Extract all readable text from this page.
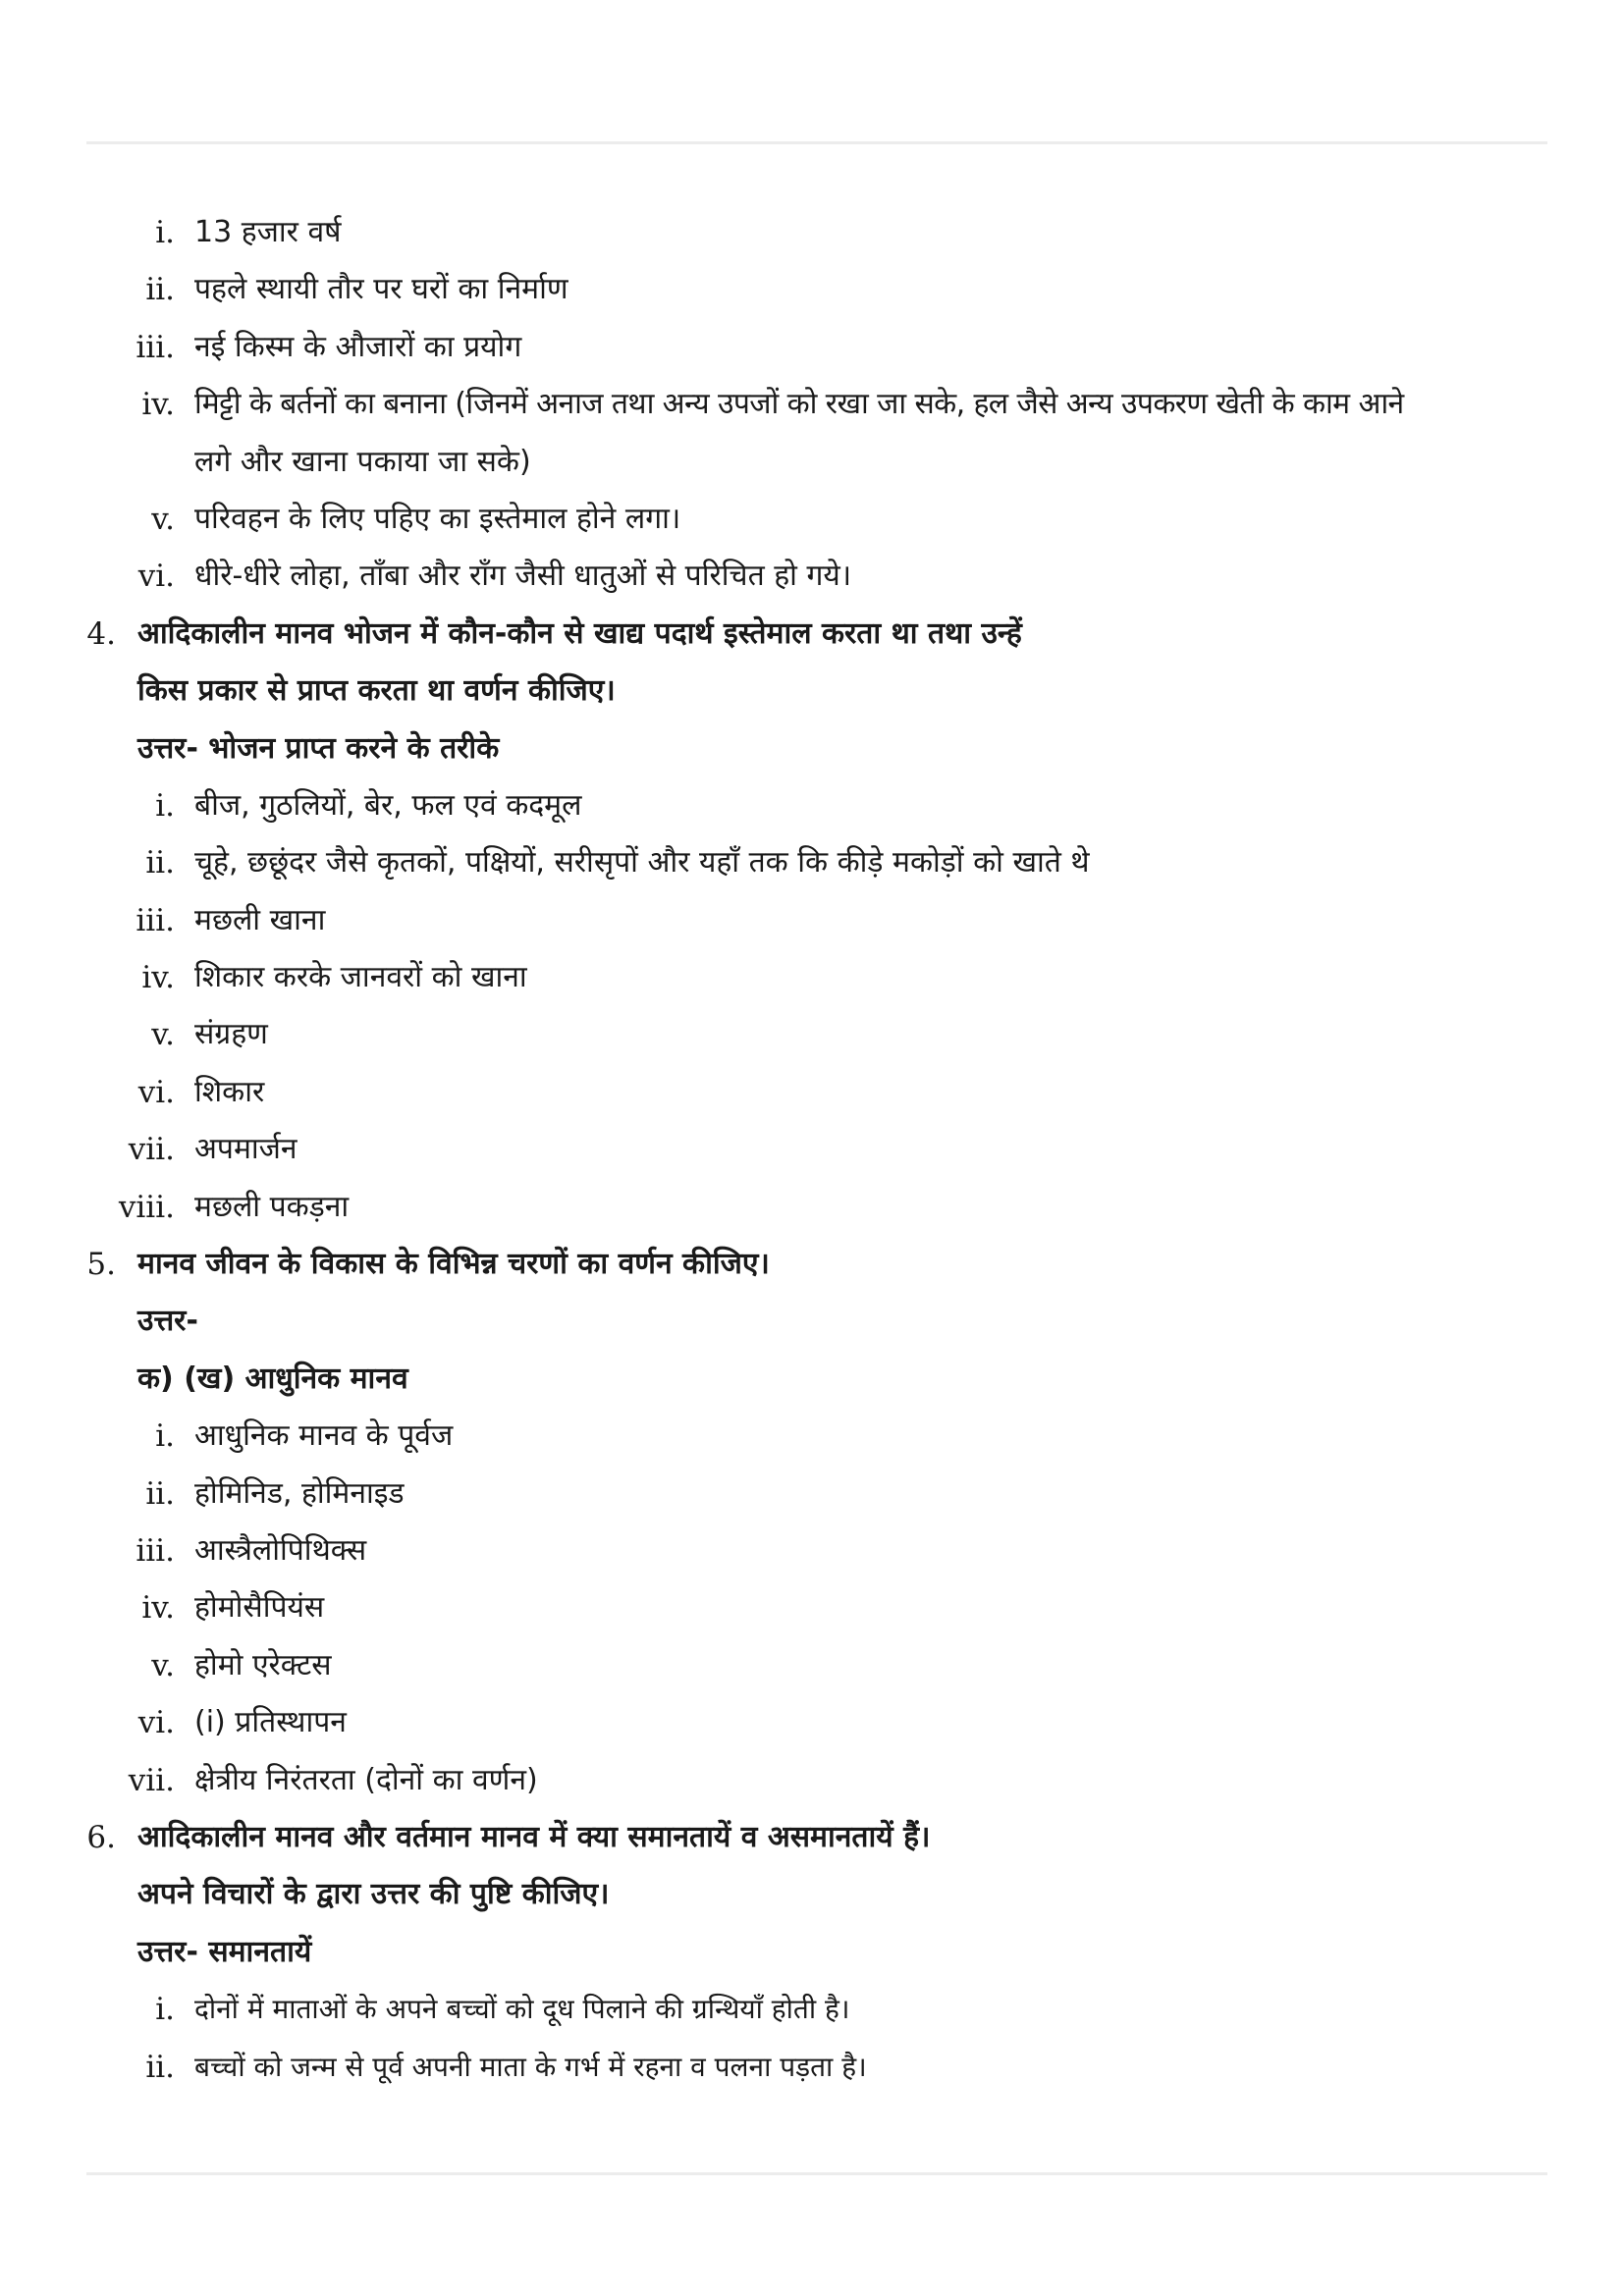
i. 13 हजार वर्ष
ii. पहले स्थायी तौर पर घरों का निर्माण
iii. नई किस्म के औजारों का प्रयोग
iv. मिट्टी के बर्तनों का बनाना (जिनमें अनाज तथा अन्य उपजों को रखा जा सके, हल जैसे अन्य उपकरण खेती के काम आने
लगे और खाना पकाया जा सके)
v. परिवहन के लिए पहिए का इस्तेमाल होने लगा।
vi. धीरे-धीरे लोहा, ताँबा और राँग जैसी धातुओं से परिचित हो गये।
4. आदिकालीन मानव भोजन में कौन-कौन से खाद्य पदार्थ इस्तेमाल करता था तथा उन्हें
किस प्रकार से प्राप्त करता था वर्णन कीजिए।
उत्तर- भोजन प्राप्त करने के तरीके
i. बीज, गुठलियों, बेर, फल एवं कदमूल
ii. चूहे, छछूंदर जैसे कृतकों, पक्षियों, सरीसृपों और यहाँ तक कि कीड़े मकोड़ों को खाते थे
iii. मछली खाना
iv. शिकार करके जानवरों को खाना
v. संग्रहण
vi. शिकार
vii. अपमार्जन
viii. मछली पकड़ना
5. मानव जीवन के विकास के विभिन्न चरणों का वर्णन कीजिए।
उत्तर-
क) (ख) आधुनिक मानव
i. आधुनिक मानव के पूर्वज
ii. होमिनिड, होमिनाइड
iii. आस्त्रैलोपिथिक्स
iv. होमोसैपियंस
v. होमो एरेक्टस
vi. (i) प्रतिस्थापन
vii. क्षेत्रीय निरंतरता (दोनों का वर्णन)
6. आदिकालीन मानव और वर्तमान मानव में क्या समानतायें व असमानतायें हैं।
अपने विचारों के द्वारा उत्तर की पुष्टि कीजिए।
उत्तर- समानतायें
i. दोनों में माताओं के अपने बच्चों को दूध पिलाने की ग्रन्थियाँ होती है।
ii. बच्चों को जन्म से पूर्व अपनी माता के गर्भ में रहना व पलना पड़ता है।
